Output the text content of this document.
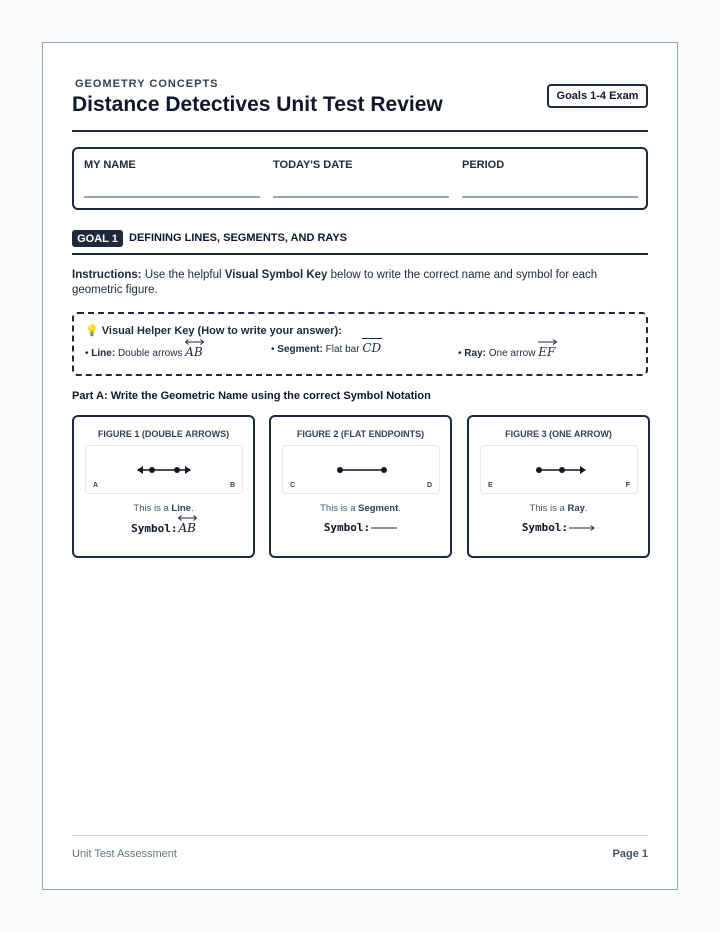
GEOMETRY CONCEPTS
Distance Detectives Unit Test Review	Goals 1-4 Exam
MY NAME	TODAY'S DATE	PERIOD
GOAL 1	DEFINING LINES, SEGMENTS, AND RAYS
Instructions: Use the helpful Visual Symbol Key below to write the correct name and symbol for each geometric figure.
💡 Visual Helper Key (How to write your answer):
• Line: Double arrows AB	• Segment: Flat bar CD	• Ray: One arrow EF
Part A: Write the Geometric Name using the correct Symbol Notation
FIGURE 1 (DOUBLE ARROWS)
A	B
This is a Line.
Symbol:
AB
FIGURE 2 (FLAT ENDPOINTS)
C	D
This is a Segment.
Symbol:
FIGURE 3 (ONE ARROW)
E	F
This is a Ray.
Symbol:
Unit Test Assessment	Page 1
